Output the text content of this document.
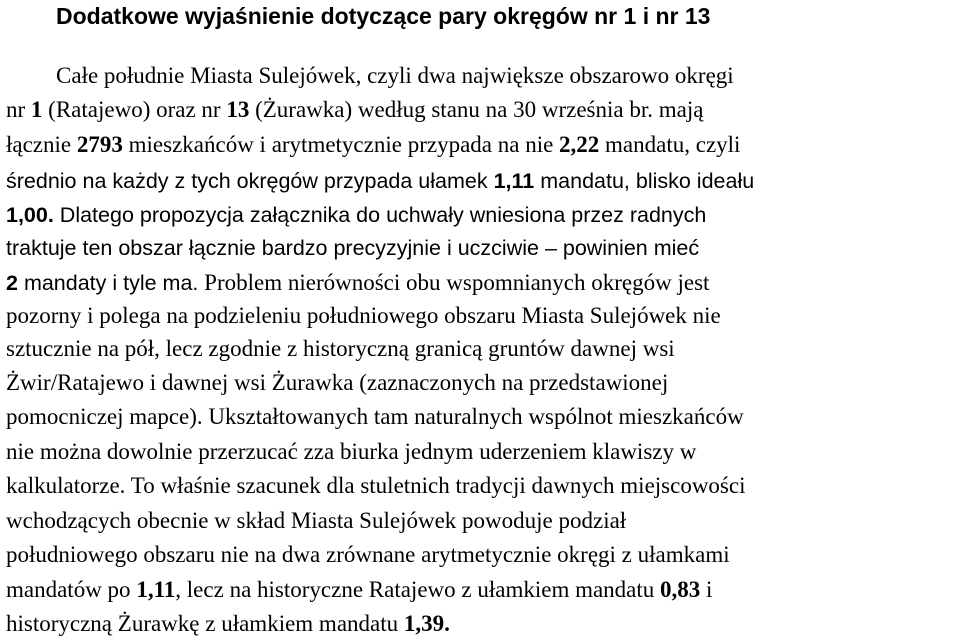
Dodatkowe wyjaśnienie dotyczące pary okręgów nr 1 i nr 13

Całe południe Miasta Sulejówek, czyli dwa największe obszarowo okręgi

nr 1 (Ratajewo) oraz nr 13 (Żurawka) według stanu na 30 września br. mają

łącznie 2793 mieszkańców i arytmetycznie przypada na nie 2,22 mandatu, czyli

średnio na każdy z tych okręgów przypada ułamek 1,11 mandatu, blisko ideału

1,00. Dlatego propozycja załącznika do uchwały wniesiona przez radnych

traktuje ten obszar łącznie bardzo precyzyjnie i uczciwie – powinien mieć

2 mandaty i tyle ma. Problem nierówności obu wspomnianych okręgów jest

pozorny i polega na podzieleniu południowego obszaru Miasta Sulejówek nie

sztucznie na pół, lecz zgodnie z historyczną granicą gruntów dawnej wsi

Żwir/Ratajewo i dawnej wsi Żurawka (zaznaczonych na przedstawionej

pomocniczej mapce). Ukształtowanych tam naturalnych wspólnot mieszkańców

nie można dowolnie przerzucać zza biurka jednym uderzeniem klawiszy w

kalkulatorze. To właśnie szacunek dla stuletnich tradycji dawnych miejscowości

wchodzących obecnie w skład Miasta Sulejówek powoduje podział

południowego obszaru nie na dwa zrównane arytmetycznie okręgi z ułamkami

mandatów po 1,11, lecz na historyczne Ratajewo z ułamkiem mandatu 0,83 i

historyczną Żurawkę z ułamkiem mandatu 1,39.
